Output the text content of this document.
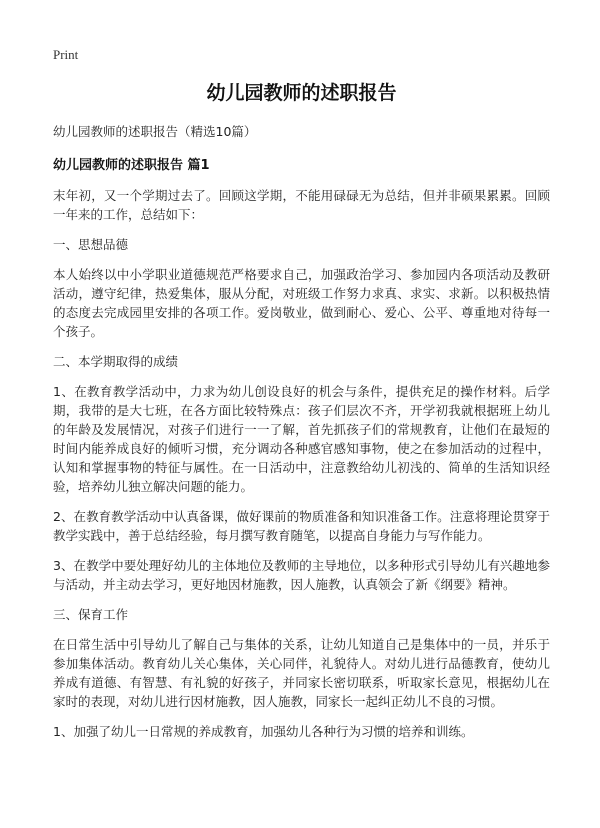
Print
幼儿园教师的述职报告
幼儿园教师的述职报告（精选10篇）
幼儿园教师的述职报告 篇1

末年初，又一个学期过去了。回顾这学期，不能用碌碌无为总结，但并非硕果累累。回顾一年来的工作，总结如下：

一、思想品德

本人始终以中小学职业道德规范严格要求自己，加强政治学习、参加园内各项活动及教研活动，遵守纪律，热爱集体，服从分配，对班级工作努力求真、求实、求新。以积极热情的态度去完成园里安排的各项工作。爱岗敬业，做到耐心、爱心、公平、尊重地对待每一个孩子。

二、本学期取得的成绩

1、在教育教学活动中，力求为幼儿创设良好的机会与条件，提供充足的操作材料。后学期，我带的是大七班，在各方面比较特殊点：孩子们层次不齐，开学初我就根据班上幼儿的年龄及发展情况，对孩子们进行一一了解，首先抓孩子们的常规教育，让他们在最短的时间内能养成良好的倾听习惯，充分调动各种感官感知事物，使之在参加活动的过程中，认知和掌握事物的特征与属性。在一日活动中，注意教给幼儿初浅的、简单的生活知识经验，培养幼儿独立解决问题的能力。

2、在教育教学活动中认真备课，做好课前的物质准备和知识准备工作。注意将理论贯穿于教学实践中，善于总结经验，每月撰写教育随笔，以提高自身能力与写作能力。

3、在教学中要处理好幼儿的主体地位及教师的主导地位，以多种形式引导幼儿有兴趣地参与活动，并主动去学习，更好地因材施教，因人施教，认真领会了新《纲要》精神。

三、保育工作

在日常生活中引导幼儿了解自己与集体的关系，让幼儿知道自己是集体中的一员，并乐于参加集体活动。教育幼儿关心集体，关心同伴，礼貌待人。对幼儿进行品德教育，使幼儿养成有道德、有智慧、有礼貌的好孩子，并同家长密切联系，听取家长意见，根据幼儿在家时的表现，对幼儿进行因材施教，因人施教，同家长一起纠正幼儿不良的习惯。

1、加强了幼儿一日常规的养成教育，加强幼儿各种行为习惯的培养和训练。
